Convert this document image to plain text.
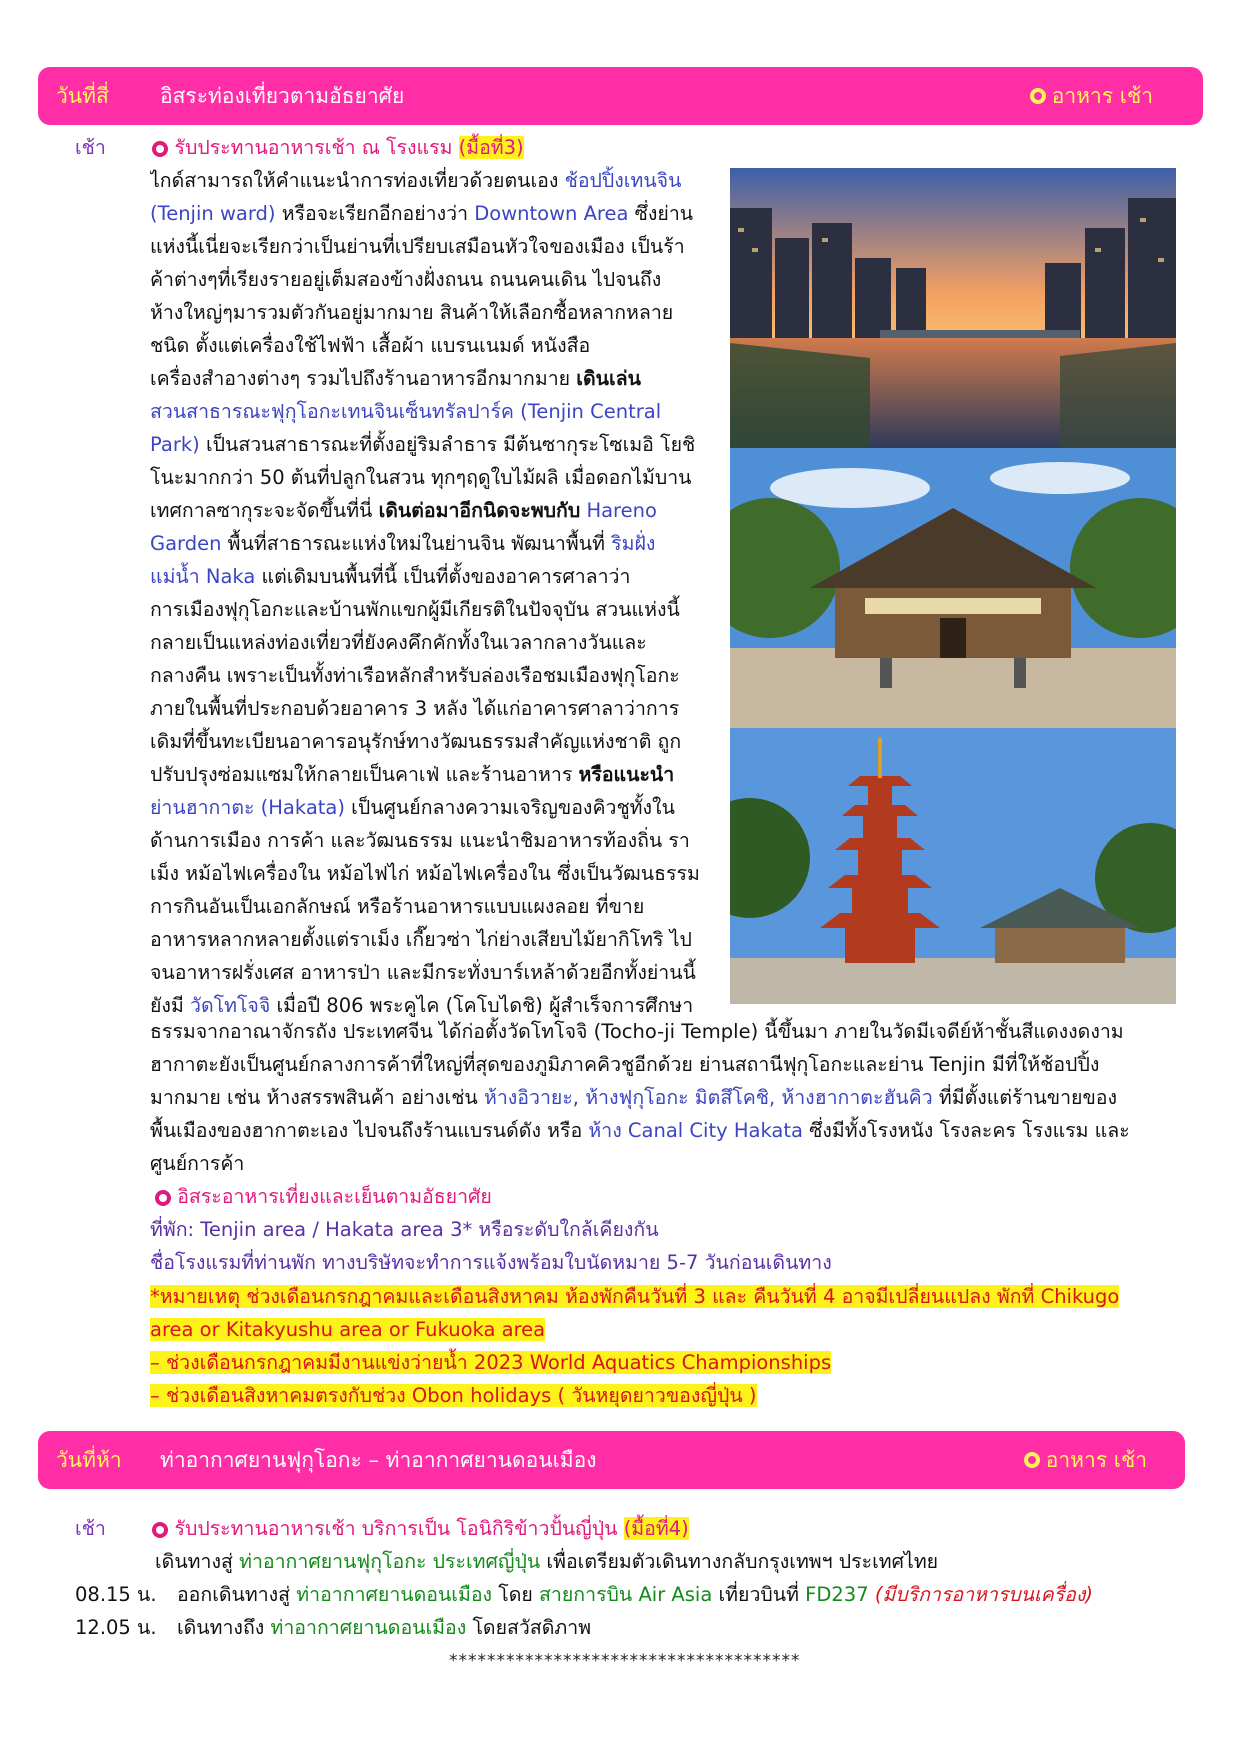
วันที่สี่ อิสระท่องเที่ยวตามอัธยาศัย	อาหาร เช้า
เช้า	รับประทานอาหารเช้า ณ โรงแรม (มื้อที่3)
ไกด์สามารถให้คำแนะนำการท่องเที่ยวด้วยตนเอง ช้อปปิ้งเทนจิน
(Tenjin ward) หรือจะเรียกอีกอย่างว่า Downtown Area ซึ่งย่าน
แห่งนี้เนี่ยจะเรียกว่าเป็นย่านที่เปรียบเสมือนหัวใจของเมือง เป็นร้า
ค้าต่างๆที่เรียงรายอยู่เต็มสองข้างฝั่งถนน ถนนคนเดิน ไปจนถึง
ห้างใหญ่ๆมารวมตัวกันอยู่มากมาย สินค้าให้เลือกซื้อหลากหลาย
ชนิด ตั้งแต่เครื่องใช้ไฟฟ้า เสื้อผ้า แบรนเนมด์ หนังสือ
เครื่องสำอางต่างๆ รวมไปถึงร้านอาหารอีกมากมาย เดินเล่น
สวนสาธารณะฟุกุโอกะเทนจินเซ็นทรัลปาร์ค (Tenjin Central
Park) เป็นสวนสาธารณะที่ตั้งอยู่ริมลำธาร มีต้นซากุระโซเมอิ โยชิ
โนะมากกว่า 50 ต้นที่ปลูกในสวน ทุกๆฤดูใบไม้ผลิ เมื่อดอกไม้บาน
เทศกาลซากุระจะจัดขึ้นที่นี่ เดินต่อมาอีกนิดจะพบกับ Hareno
Garden พื้นที่สาธารณะแห่งใหม่ในย่านจิน พัฒนาพื้นที่ ริมฝั่ง
แม่น้ำ Naka แต่เดิมบนพื้นที่นี้ เป็นที่ตั้งของอาคารศาลาว่า
การเมืองฟุกุโอกะและบ้านพักแขกผู้มีเกียรติในปัจจุบัน สวนแห่งนี้
กลายเป็นแหล่งท่องเที่ยวที่ยังคงคึกคักทั้งในเวลากลางวันและ
กลางคืน เพราะเป็นทั้งท่าเรือหลักสำหรับล่องเรือชมเมืองฟุกุโอกะ
ภายในพื้นที่ประกอบด้วยอาคาร 3 หลัง ได้แก่อาคารศาลาว่าการ
เดิมที่ขึ้นทะเบียนอาคารอนุรักษ์ทางวัฒนธรรมสำคัญแห่งชาติ ถูก
ปรับปรุงซ่อมแซมให้กลายเป็นคาเฟ่ และร้านอาหาร หรือแนะนำ
ย่านฮากาตะ (Hakata) เป็นศูนย์กลางความเจริญของคิวชูทั้งใน
ด้านการเมือง การค้า และวัฒนธรรม แนะนำชิมอาหารท้องถิ่น รา
เม็ง หม้อไฟเครื่องใน หม้อไฟไก่ หม้อไฟเครื่องใน ซึ่งเป็นวัฒนธรรม
การกินอันเป็นเอกลักษณ์ หรือร้านอาหารแบบแผงลอย ที่ขาย
อาหารหลากหลายตั้งแต่ราเม็ง เกี๊ยวซ่า ไก่ย่างเสียบไม้ยากิโทริ ไป
จนอาหารฝรั่งเศส อาหารป่า และมีกระทั่งบาร์เหล้าด้วยอีกทั้งย่านนี้
ยังมี วัดโทโจจิ เมื่อปี 806 พระคูไค (โคโบไดชิ) ผู้สำเร็จการศึกษา
ธรรมจากอาณาจักรถัง ประเทศจีน ได้ก่อตั้งวัดโทโจจิ (Tocho-ji Temple) นี้ขึ้นมา ภายในวัดมีเจดีย์ห้าชั้นสีแดงงดงาม
ฮากาตะยังเป็นศูนย์กลางการค้าที่ใหญ่ที่สุดของภูมิภาคคิวชูอีกด้วย ย่านสถานีฟุกุโอกะและย่าน Tenjin มีที่ให้ช้อปปิ้ง
มากมาย เช่น ห้างสรรพสินค้า อย่างเช่น ห้างอิวายะ, ห้างฟุกุโอกะ มิตสึโคชิ, ห้างฮากาตะฮันคิว ที่มีตั้งแต่ร้านขายของ
พื้นเมืองของฮากาตะเอง ไปจนถึงร้านแบรนด์ดัง หรือ ห้าง Canal City Hakata ซึ่งมีทั้งโรงหนัง โรงละคร โรงแรม และ
ศูนย์การค้า
อิสระอาหารเที่ยงและเย็นตามอัธยาศัย
ที่พัก: Tenjin area / Hakata area 3* หรือระดับใกล้เคียงกัน
ชื่อโรงแรมที่ท่านพัก ทางบริษัทจะทำการแจ้งพร้อมใบนัดหมาย 5-7 วันก่อนเดินทาง
*หมายเหตุ ช่วงเดือนกรกฎาคมและเดือนสิงหาคม ห้องพักคืนวันที่ 3 และ คืนวันที่ 4 อาจมีเปลี่ยนแปลง พักที่ Chikugo
area or Kitakyushu area or Fukuoka area
– ช่วงเดือนกรกฎาคมมีงานแข่งว่ายน้ำ 2023 World Aquatics Championships
– ช่วงเดือนสิงหาคมตรงกับช่วง Obon holidays ( วันหยุดยาวของญี่ปุ่น )
วันที่ห้า ท่าอากาศยานฟุกุโอกะ – ท่าอากาศยานดอนเมือง	อาหาร เช้า
เช้า	รับประทานอาหารเช้า บริการเป็น โอนิกิริข้าวปั้นญี่ปุ่น (มื้อที่4)
เดินทางสู่ ท่าอากาศยานฟุกุโอกะ ประเทศญี่ปุ่น เพื่อเตรียมตัวเดินทางกลับกรุงเทพฯ ประเทศไทย
08.15 น. ออกเดินทางสู่ ท่าอากาศยานดอนเมือง โดย สายการบิน Air Asia เที่ยวบินที่ FD237 (มีบริการอาหารบนเครื่อง)
12.05 น. เดินทางถึง ท่าอากาศยานดอนเมือง โดยสวัสดิภาพ
*************************************
